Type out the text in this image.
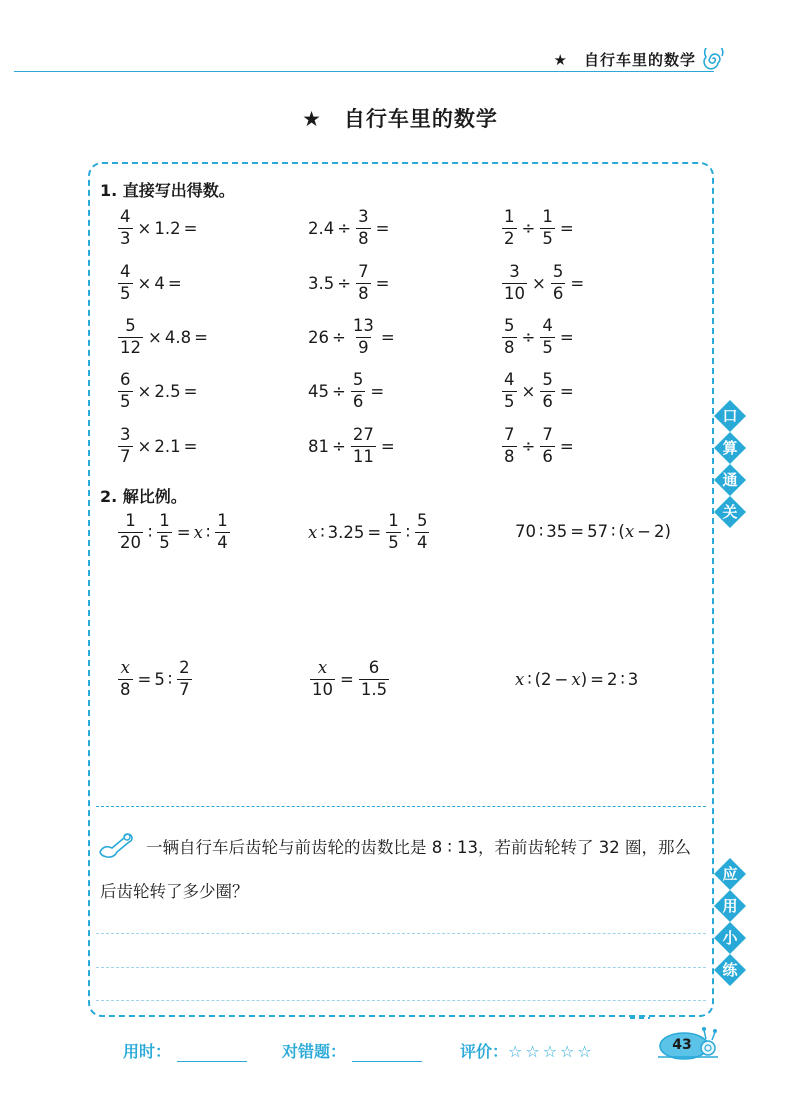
★　自行车里的数学
★　自行车里的数学
1. 直接写出得数。
$\frac{4}{3} \times 1.2$ =	$2.4 \div \frac{3}{8}$ =	$\frac{1}{2} \div \frac{1}{5}$ =
$\frac{4}{5} \times 4$ =	$3.5 \div \frac{7}{8}$ =	$\frac{3}{10} \times \frac{5}{6}$ =
$\frac{5}{12} \times 4.8$ =	$26 \div \frac{13}{9}$ =	$\frac{5}{8} \div \frac{4}{5}$ =
$\frac{6}{5} \times 2.5$ =	$45 \div \frac{5}{6}$ =	$\frac{4}{5} \times \frac{5}{6}$ =
$\frac{3}{7} \times 2.1$ =	$81 \div \frac{27}{11}$ =	$\frac{7}{8} \div \frac{7}{6}$ =
2. 解比例。
$\frac{1}{20}$ ∶ $\frac{1}{5} = x$ ∶ $\frac{1}{4}$	x ∶ $3.25 = \frac{1}{5}$ ∶ $\frac{5}{4}$	70 ∶ 35 = 57 ∶ ( x − 2)
$\frac{x}{8} = 5$ ∶ $\frac{2}{7}$	$\frac{x}{10} = \frac{6}{1.5}$	x ∶ (2 − x ) = 2 ∶ 3
一辆自行车后齿轮与前齿轮的齿数比是 8 ∶ 13，若前齿轮转了 32 圈，那么后齿轮转了多少圈？
口
算
通
关
应
用
小
练
用时：	对错题：	评价：☆☆☆☆☆	43
